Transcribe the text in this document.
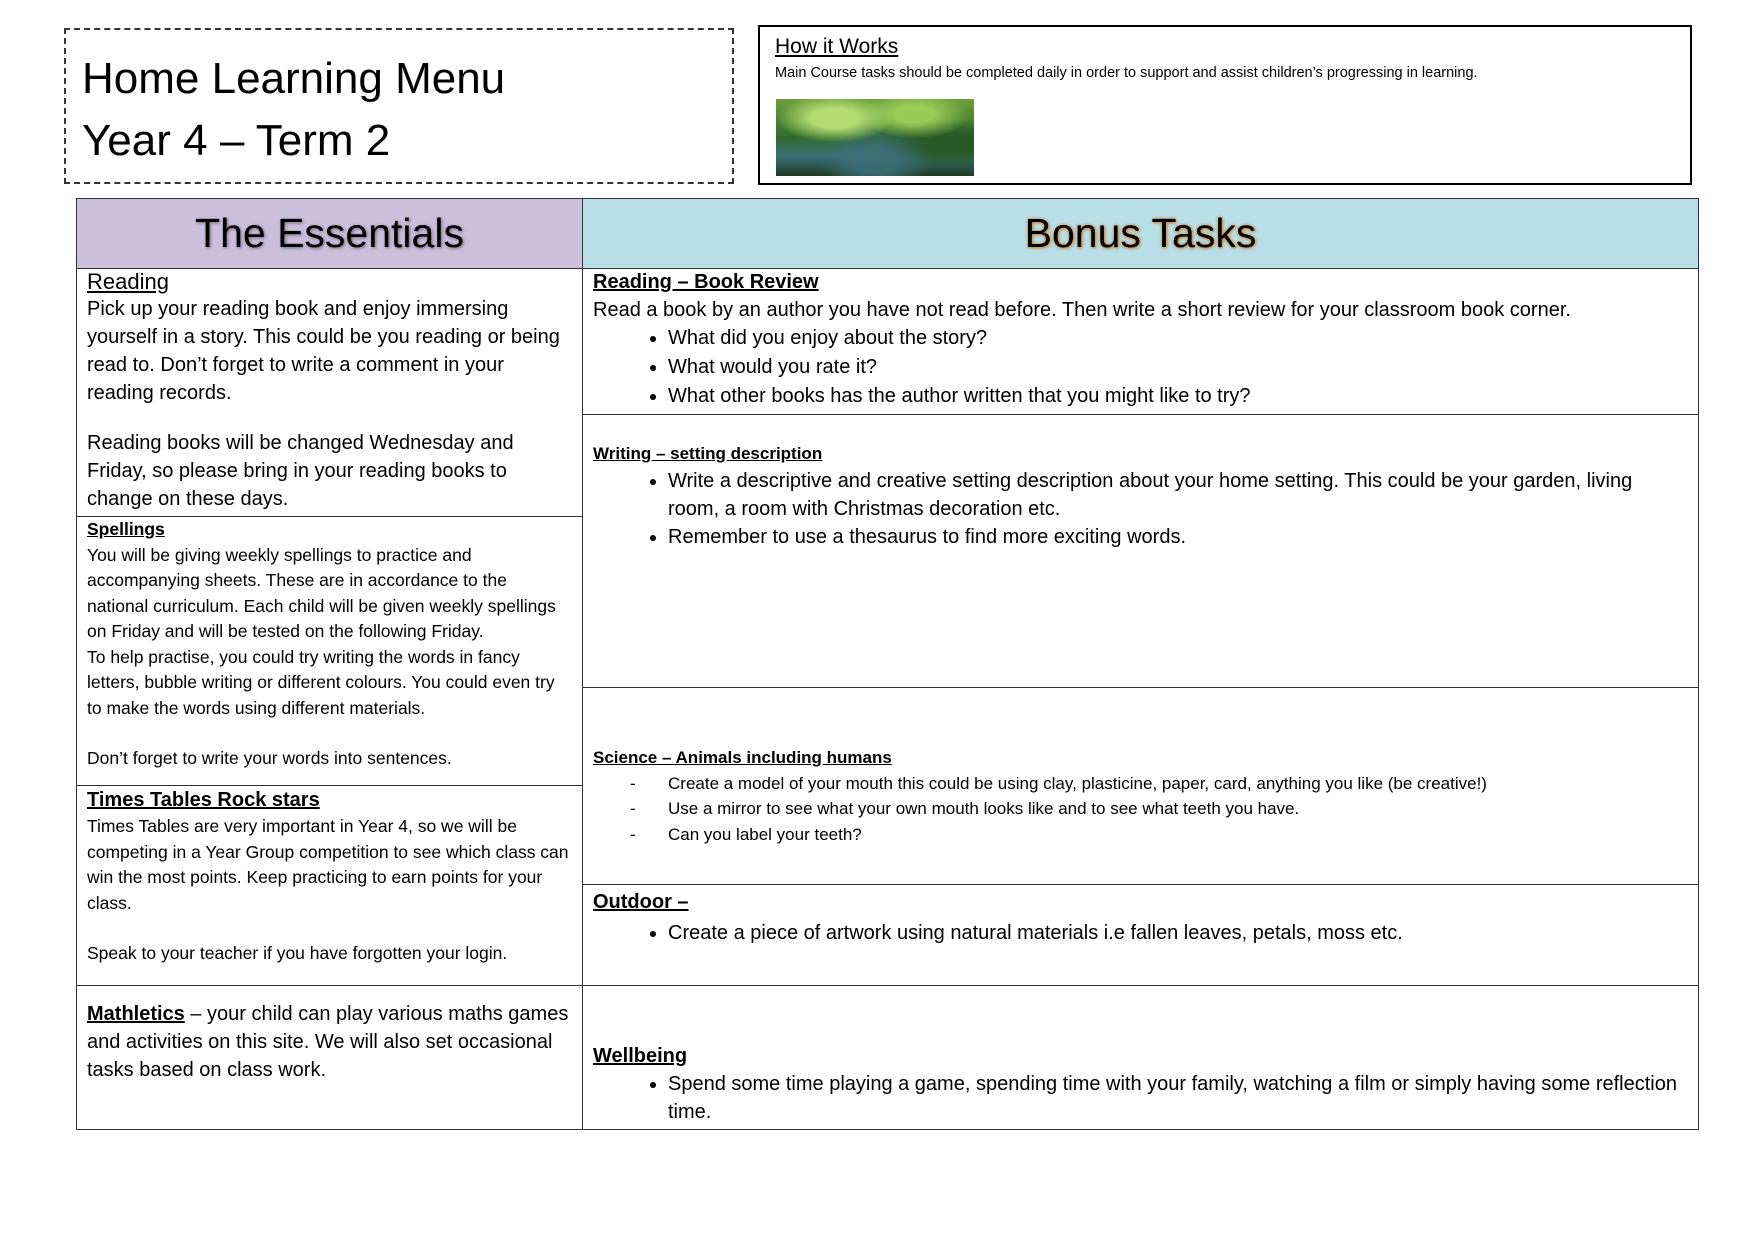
Home Learning Menu
Year 4 – Term 2
How it Works
Main Course tasks should be completed daily in order to support and assist children’s progressing in learning.
The Essentials	Bonus Tasks
Reading
Pick up your reading book and enjoy immersing yourself in a story. This could be you reading or being read to. Don’t forget to write a comment in your reading records.
Reading books will be changed Wednesday and Friday, so please bring in your reading books to change on these days.
Reading – Book Review
Read a book by an author you have not read before. Then write a short review for your classroom book corner.
• What did you enjoy about the story?
• What would you rate it?
• What other books has the author written that you might like to try?
Writing – setting description
• Write a descriptive and creative setting description about your home setting. This could be your garden, living room, a room with Christmas decoration etc.
• Remember to use a thesaurus to find more exciting words.
Spellings
You will be giving weekly spellings to practice and accompanying sheets. These are in accordance to the national curriculum. Each child will be given weekly spellings on Friday and will be tested on the following Friday.
To help practise, you could try writing the words in fancy letters, bubble writing or different colours. You could even try to make the words using different materials.
Don’t forget to write your words into sentences.	Science – Animals including humans
- Create a model of your mouth this could be using clay, plasticine, paper, card, anything you like (be creative!)
- Use a mirror to see what your own mouth looks like and to see what teeth you have.
- Can you label your teeth?
Times Tables Rock stars
Times Tables are very important in Year 4, so we will be competing in a Year Group competition to see which class can win the most points. Keep practicing to earn points for your class.
Speak to your teacher if you have forgotten your login.
Outdoor –
• Create a piece of artwork using natural materials i.e fallen leaves, petals, moss etc.
Mathletics – your child can play various maths games and activities on this site. We will also set occasional tasks based on class work.
Wellbeing
• Spend some time playing a game, spending time with your family, watching a film or simply having some reflection time.
